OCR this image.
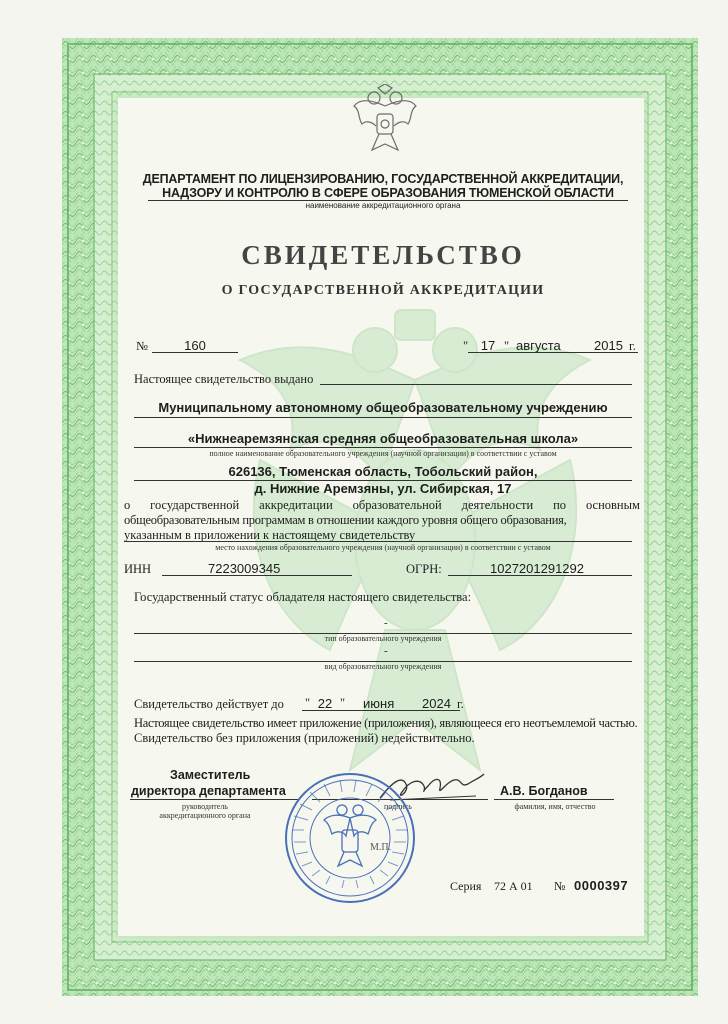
ДЕПАРТАМЕНТ ПО ЛИЦЕНЗИРОВАНИЮ, ГОСУДАРСТВЕННОЙ АККРЕДИТАЦИИ,
НАДЗОРУ И КОНТРОЛЮ В СФЕРЕ ОБРАЗОВАНИЯ ТЮМЕНСКОЙ ОБЛАСТИ
наименование аккредитационного органа
СВИДЕТЕЛЬСТВО
О ГОСУДАРСТВЕННОЙ АККРЕДИТАЦИИ
№	160	" 17 " августа	2015 г.
Настоящее свидетельство выдано
Муниципальному автономному общеобразовательному учреждению
«Нижнеаремзянская средняя общеобразовательная школа»
полное наименование образовательного учреждения (научной организации) в соответствии с уставом
626136, Тюменская область, Тобольский район,
д. Нижние Аремзяны, ул. Сибирская, 17
о государственной аккредитации образовательной деятельности по основным
общеобразовательным программам в отношении каждого уровня общего образования,
указанным в приложении к настоящему свидетельству
место нахождения образовательного учреждения (научной организации) в соответствии с уставом
ИНН	7223009345	ОГРН:	1027201291292
Государственный статус обладателя настоящего свидетельства:
-
тип образовательного учреждения
-
вид образовательного учреждения
Свидетельство действует до " 22 " июня 2024 г.
Настоящее свидетельство имеет приложение (приложения), являющееся его неотъемлемой частью.
Свидетельство без приложения (приложений) недействительно.
Заместитель
директора департамента
руководитель
аккредитационного органа
подпись
А.В. Богданов
фамилия, имя, отчество
М.П.
Серия 72 А 01 № 0000397
